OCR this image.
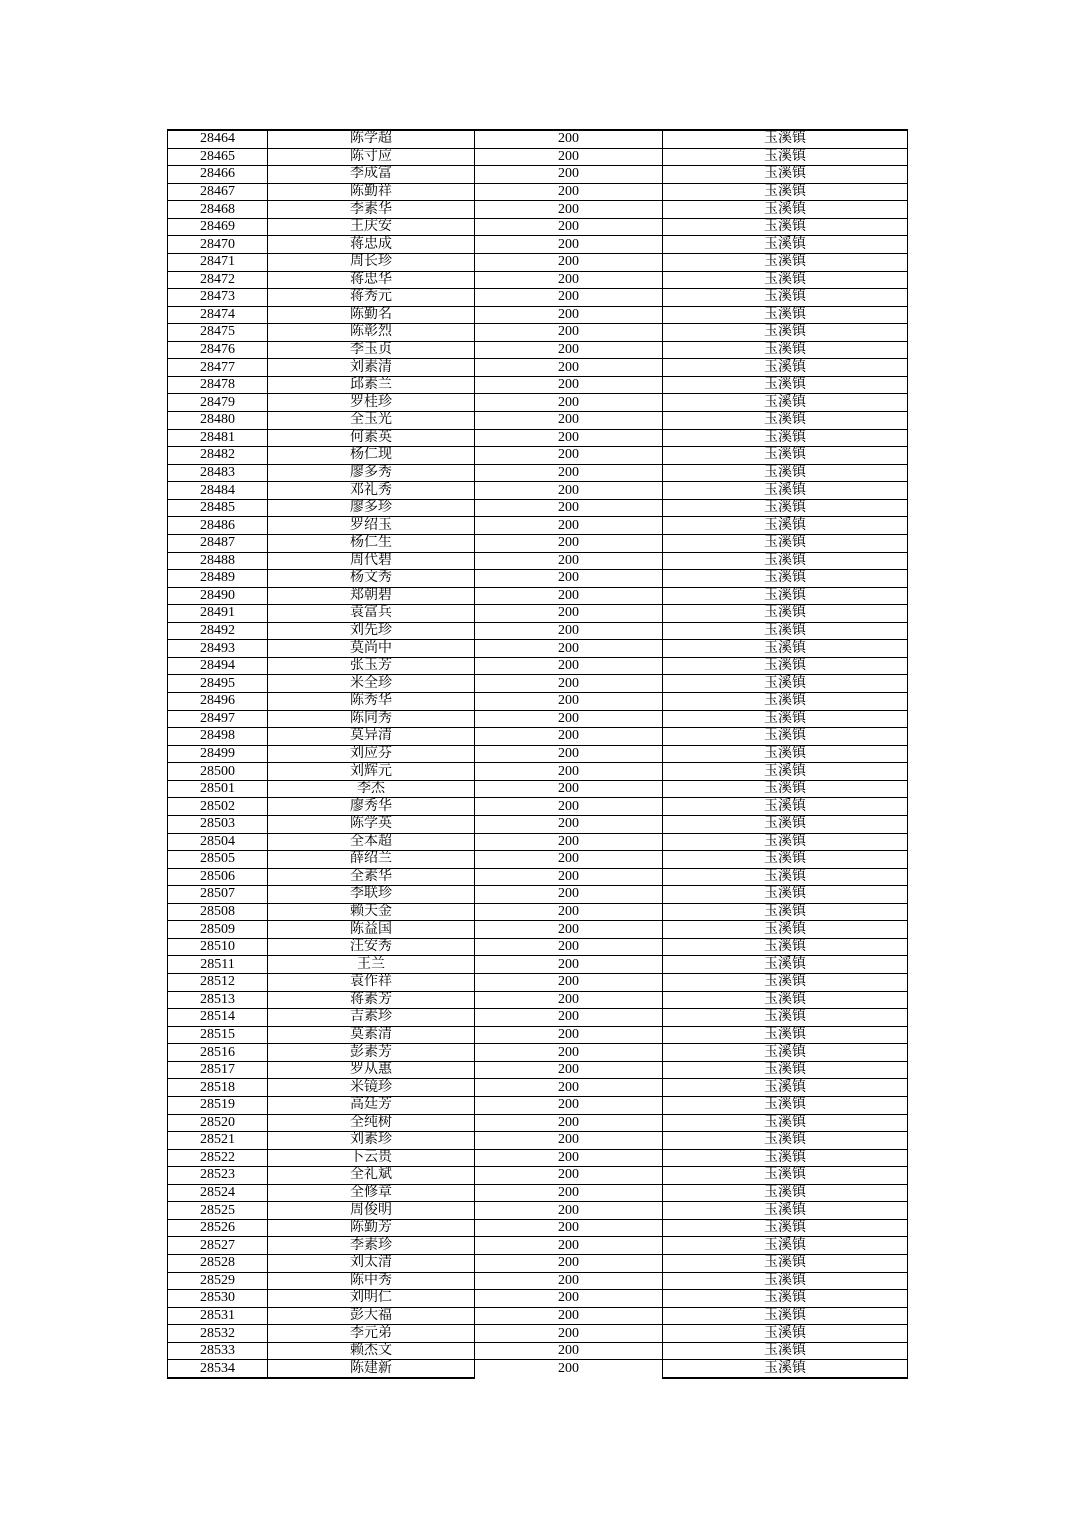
28464	陈学超	200	玉溪镇
28465	陈寸应	200	玉溪镇
28466	李成富	200	玉溪镇
28467	陈勤祥	200	玉溪镇
28468	李素华	200	玉溪镇
28469	王庆安	200	玉溪镇
28470	蒋忠成	200	玉溪镇
28471	周长珍	200	玉溪镇
28472	蒋忠华	200	玉溪镇
28473	蒋秀元	200	玉溪镇
28474	陈勤名	200	玉溪镇
28475	陈彰烈	200	玉溪镇
28476	李玉贞	200	玉溪镇
28477	刘素清	200	玉溪镇
28478	邱素兰	200	玉溪镇
28479	罗桂珍	200	玉溪镇
28480	全玉光	200	玉溪镇
28481	何素英	200	玉溪镇
28482	杨仁现	200	玉溪镇
28483	廖多秀	200	玉溪镇
28484	邓礼秀	200	玉溪镇
28485	廖多珍	200	玉溪镇
28486	罗绍玉	200	玉溪镇
28487	杨仁生	200	玉溪镇
28488	周代碧	200	玉溪镇
28489	杨文秀	200	玉溪镇
28490	郑朝碧	200	玉溪镇
28491	袁富兵	200	玉溪镇
28492	刘先珍	200	玉溪镇
28493	莫尚中	200	玉溪镇
28494	张玉芳	200	玉溪镇
28495	米全珍	200	玉溪镇
28496	陈秀华	200	玉溪镇
28497	陈同秀	200	玉溪镇
28498	莫异清	200	玉溪镇
28499	刘应芬	200	玉溪镇
28500	刘辉元	200	玉溪镇
28501	李杰	200	玉溪镇
28502	廖秀华	200	玉溪镇
28503	陈学英	200	玉溪镇
28504	全本超	200	玉溪镇
28505	薛绍兰	200	玉溪镇
28506	全素华	200	玉溪镇
28507	李联珍	200	玉溪镇
28508	赖天金	200	玉溪镇
28509	陈益国	200	玉溪镇
28510	汪安秀	200	玉溪镇
28511	王兰	200	玉溪镇
28512	袁作祥	200	玉溪镇
28513	蒋素芳	200	玉溪镇
28514	吉素珍	200	玉溪镇
28515	莫素清	200	玉溪镇
28516	彭素芳	200	玉溪镇
28517	罗从惠	200	玉溪镇
28518	米镜珍	200	玉溪镇
28519	高廷芳	200	玉溪镇
28520	全纯树	200	玉溪镇
28521	刘素珍	200	玉溪镇
28522	卜云贵	200	玉溪镇
28523	全礼斌	200	玉溪镇
28524	全修章	200	玉溪镇
28525	周俊明	200	玉溪镇
28526	陈勤芳	200	玉溪镇
28527	李素珍	200	玉溪镇
28528	刘太清	200	玉溪镇
28529	陈中秀	200	玉溪镇
28530	刘明仁	200	玉溪镇
28531	彭大福	200	玉溪镇
28532	李元弟	200	玉溪镇
28533	赖杰文	200	玉溪镇
28534	陈建新	200	玉溪镇
